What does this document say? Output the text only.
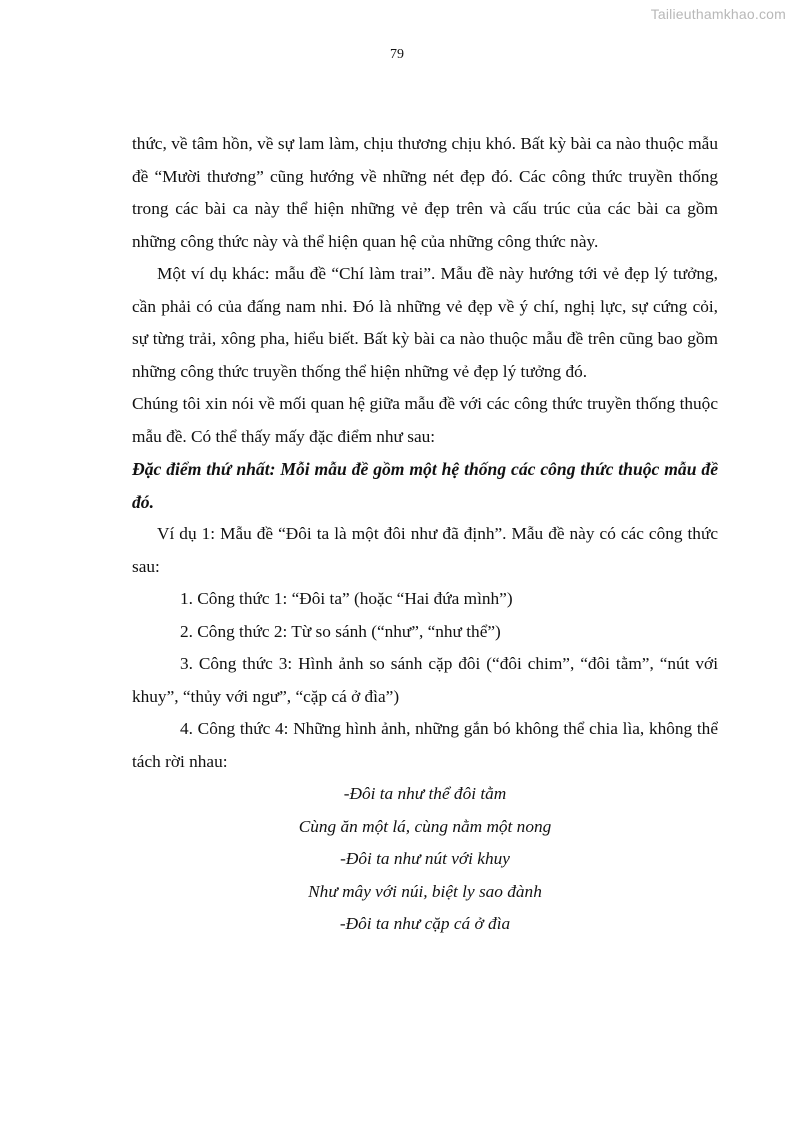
Tailieuthamkhao.com
79

thức, về tâm hồn, về sự lam làm, chịu thương chịu khó. Bất kỳ bài ca nào thuộc mẫu đề “Mười thương” cũng hướng về những nét đẹp đó. Các công thức truyền thống trong các bài ca này thể hiện những vẻ đẹp trên và cấu trúc của các bài ca gồm những công thức này và thể hiện quan hệ của những công thức này.

Một ví dụ khác: mẫu đề “Chí làm trai”. Mẫu đề này hướng tới vẻ đẹp lý tưởng, cần phải có của đấng nam nhi. Đó là những vẻ đẹp về ý chí, nghị lực, sự cứng cỏi, sự từng trải, xông pha, hiểu biết. Bất kỳ bài ca nào thuộc mẫu đề trên cũng bao gồm những công thức truyền thống thể hiện những vẻ đẹp lý tưởng đó.

Chúng tôi xin nói về mối quan hệ giữa mẫu đề với các công thức truyền thống thuộc mẫu đề. Có thể thấy mấy đặc điểm như sau:

Đặc điểm thứ nhất: Mỗi mẫu đề gồm một hệ thống các công thức thuộc mẫu đề đó.

Ví dụ 1: Mẫu đề “Đôi ta là một đôi như đã định”. Mẫu đề này có các công thức sau:

1. Công thức 1: “Đôi ta” (hoặc “Hai đứa mình”)

2. Công thức 2: Từ so sánh (“như”, “như thể”)

3. Công thức 3: Hình ảnh so sánh cặp đôi (“đôi chim”, “đôi tằm”, “nút với khuy”, “thủy với ngư”, “cặp cá ở đìa”)

4. Công thức 4: Những hình ảnh, những gắn bó không thể chia lìa, không thể tách rời nhau:

-Đôi ta như thể đôi tằm

Cùng ăn một lá, cùng nằm một nong

-Đôi ta như nút với khuy

Như mây với núi, biệt ly sao đành

-Đôi ta như cặp cá ở đìa
